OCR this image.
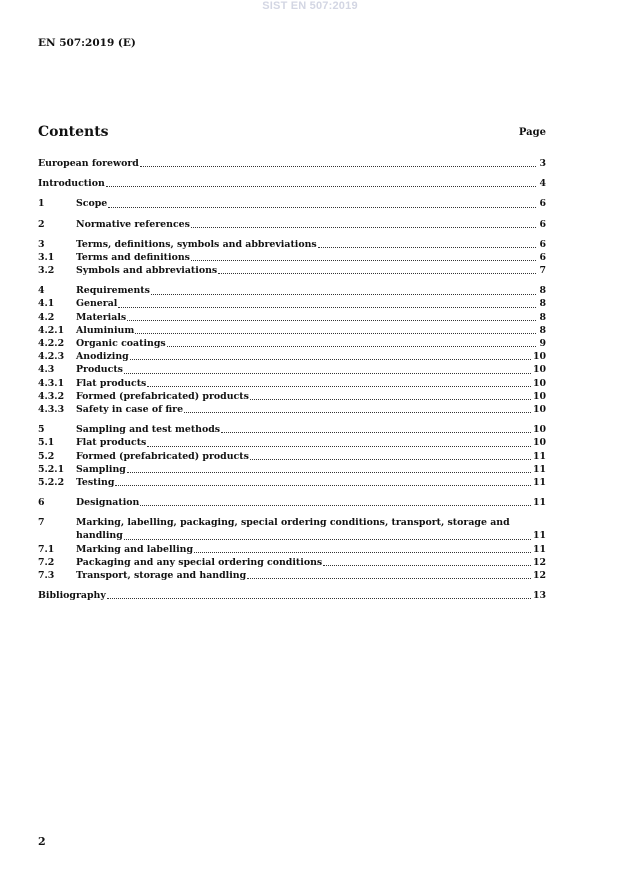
SIST EN 507:2019
EN 507:2019 (E)
Contents	Page
European foreword	3
Introduction	4
1	Scope	6
2	Normative references	6
3	Terms, definitions, symbols and abbreviations	6
3.1	Terms and definitions	6
3.2	Symbols and abbreviations	7
4	Requirements	8
4.1	General	8
4.2	Materials	8
4.2.1	Aluminium	8
4.2.2	Organic coatings	9
4.2.3	Anodizing	10
4.3	Products	10
4.3.1	Flat products	10
4.3.2	Formed (prefabricated) products	10
4.3.3	Safety in case of fire	10
5	Sampling and test methods	10
5.1	Flat products	10
5.2	Formed (prefabricated) products	11
5.2.1	Sampling	11
5.2.2	Testing	11
6	Designation	11
7	Marking, labelling, packaging, special ordering conditions, transport, storage and
handling	11
7.1	Marking and labelling	11
7.2	Packaging and any special ordering conditions	12
7.3	Transport, storage and handling	12
Bibliography	13
2
